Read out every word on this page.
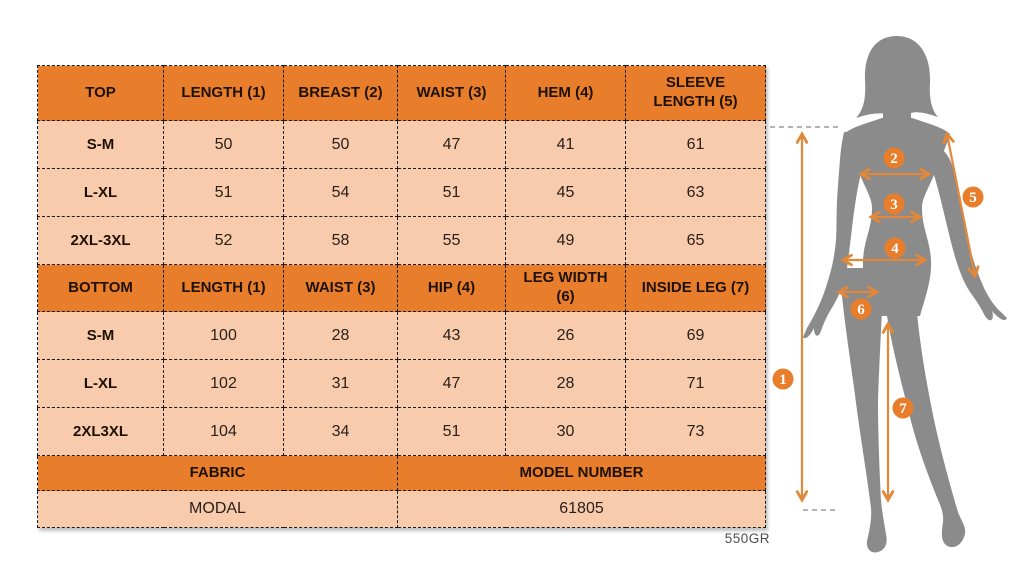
TOP	LENGTH (1)	BREAST (2)	WAIST (3)	HEM (4)	SLEEVE LENGTH (5)
S-M	50	50	47	41	61
L-XL	51	54	51	45	63
2XL-3XL	52	58	55	49	65
BOTTOM	LENGTH (1)	WAIST (3)	HIP (4)	LEG WIDTH (6)	INSIDE LEG (7)
S-M	100	28	43	26	69
L-XL	102	31	47	28	71
2XL3XL	104	34	51	30	73
FABRIC			MODEL NUMBER		
MODAL			61805		
550GR
1
2
3
4
5
6
7
